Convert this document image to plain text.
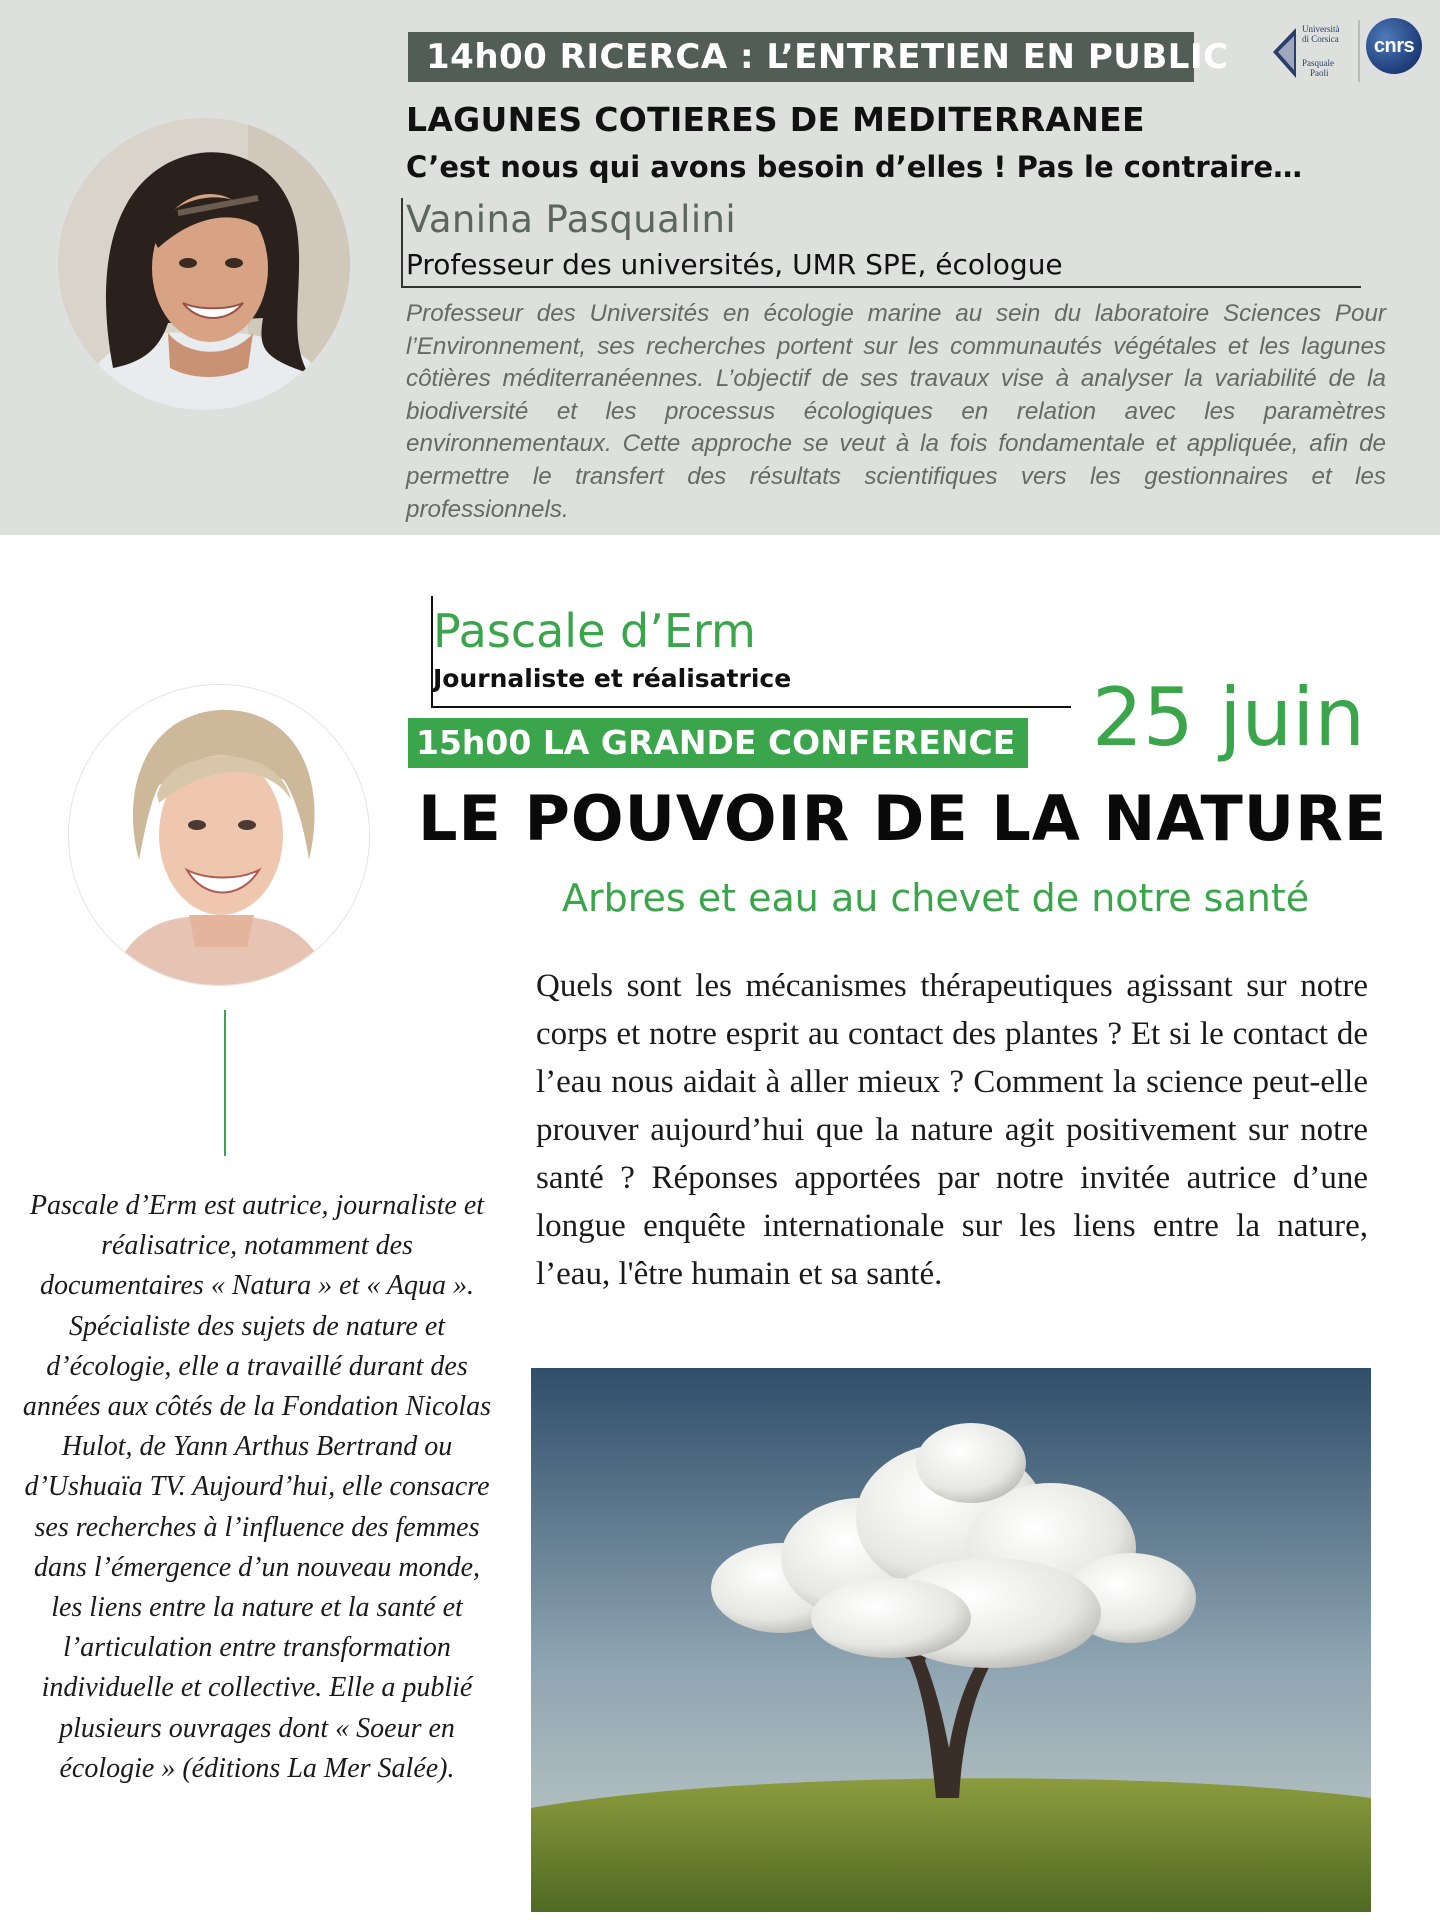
14h00 RICERCA : L’ENTRETIEN EN PUBLIC
Università
di Corsica
Pasquale
Paoli
cnrs
LAGUNES COTIERES DE MEDITERRANEE
C’est nous qui avons besoin d’elles ! Pas le contraire…
Vanina Pasqualini
Professeur des universités, UMR SPE, écologue

Professeur des Universités en écologie marine au sein du laboratoire Sciences Pour l’Environnement, ses recherches portent sur les communautés végétales et les lagunes côtières méditerranéennes. L’objectif de ses travaux vise à analyser la variabilité de la biodiversité et les processus écologiques en relation avec les paramètres environnementaux. Cette approche se veut à la fois fondamentale et appliquée, afin de permettre le transfert des résultats scientifiques vers les gestionnaires et les professionnels.

Pascale d’Erm
Journaliste et réalisatrice
15h00 LA GRANDE CONFERENCE 25 juin
LE POUVOIR DE LA NATURE
Arbres et eau au chevet de notre santé

Quels sont les mécanismes thérapeutiques agissant sur notre corps et notre esprit au contact des plantes ? Et si le contact de l’eau nous aidait à aller mieux ? Comment la science peut-elle prouver aujourd’hui que la nature agit positivement sur notre santé ? Réponses apportées par notre invitée autrice d’une longue enquête internationale sur les liens entre la nature, l’eau, l'être humain et sa santé.

Pascale d’Erm est autrice, journaliste et réalisatrice, notamment des documentaires « Natura » et « Aqua ». Spécialiste des sujets de nature et d’écologie, elle a travaillé durant des années aux côtés de la Fondation Nicolas Hulot, de Yann Arthus Bertrand ou d’Ushuaïa TV. Aujourd’hui, elle consacre ses recherches à l’influence des femmes dans l’émergence d’un nouveau monde, les liens entre la nature et la santé et l’articulation entre transformation individuelle et collective. Elle a publié plusieurs ouvrages dont « Soeur en écologie » (éditions La Mer Salée).
